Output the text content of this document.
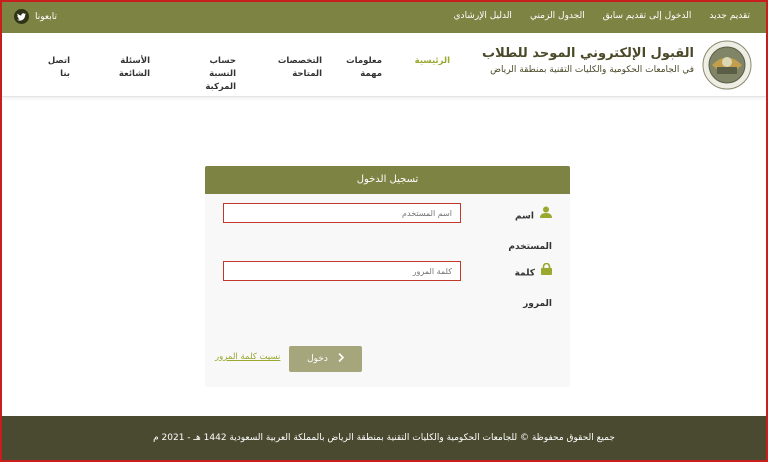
تقديم جديد
الدخول إلى تقديم سابق
الجدول الزمني
الدليل الإرشادي
تابعونا
القبول الإلكتروني الموحد للطلاب
في الجامعات الحكومية والكليات التقنية بمنطقة الرياض
الرئيسية
معلومات مهمة
التخصصات المتاحة
حساب النسبة المركبة
الأسئلة الشائعة
اتصل بنا
تسجيل الدخول
اسم المستخدم
اسم المستخدم
كلمة المرور
دخول
نسيت كلمة المرور
جميع الحقوق محفوظة © للجامعات الحكومية والكليات التقنية بمنطقة الرياض بالمملكة العربية السعودية 1442 هـ - 2021 م
